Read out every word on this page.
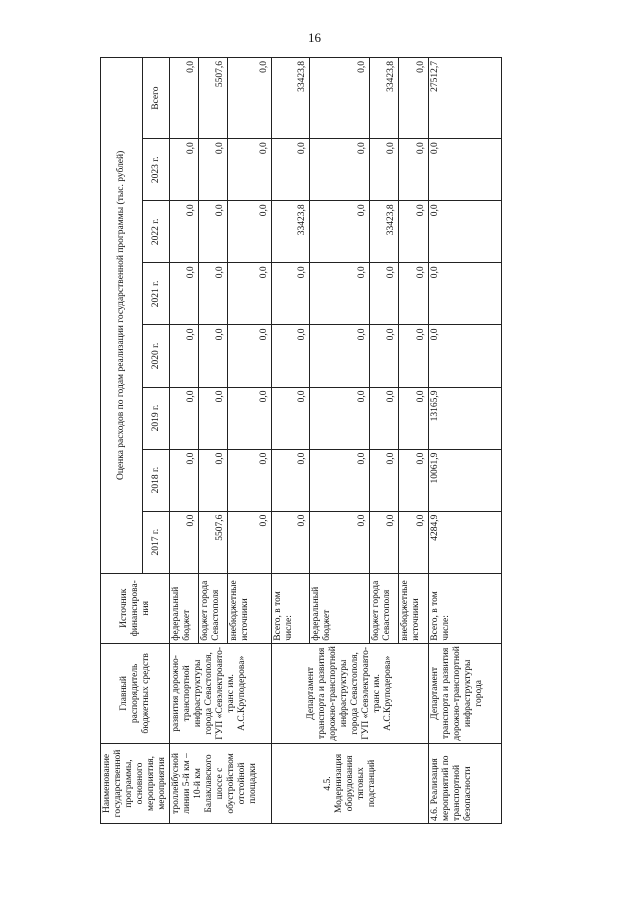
16
Наименование государственной программы, основного мероприятия, мероприятия	Главный распорядитель бюджетных средств	Источник финансирова-ния	Оценка расходов по годам реализации государственной программы (тыс. рублей)							
			2017 г.	2018 г.	2019 г.	2020 г.	2021 г.	2022 г.	2023 г.	Всего
троллейбусной линии 5-й км – 10-й км Балаклавского шоссе с обустройством отстойной площадки	развития дорожно-транспортной инфраструктуры города Севастополя, ГУП «Севэлектроавто-транс им. А.С.Круподерова»	федеральный бюджет	0,0	0,0	0,0	0,0	0,0	0,0	0,0	0,0
		бюджет города Севастополя	5507,6	0,0	0,0	0,0	0,0	0,0	0,0	5507,6
		внебюджетные источники	0,0	0,0	0,0	0,0	0,0	0,0	0,0	0,0
4.5. Модернизация оборудования тяговых подстанций	Департамент транспорта и развития дорожно-транспортной инфраструктуры города Севастополя, ГУП «Севэлектроавто-транс им. А.С.Круподерова»	Всего, в том числе:	0,0	0,0	0,0	0,0	0,0	33423,8	0,0	33423,8
		федеральный бюджет	0,0	0,0	0,0	0,0	0,0	0,0	0,0	0,0
		бюджет города Севастополя	0,0	0,0	0,0	0,0	0,0	33423,8	0,0	33423,8
		внебюджетные источники	0,0	0,0	0,0	0,0	0,0	0,0	0,0	0,0
4.6. Реализация мероприятий по транспортной безопасности	Департамент транспорта и развития дорожно-транспортной инфраструктуры города	Всего, в том числе:	4284,9	10061,9	13165,9	0,0	0,0	0,0	0,0	27512,7
